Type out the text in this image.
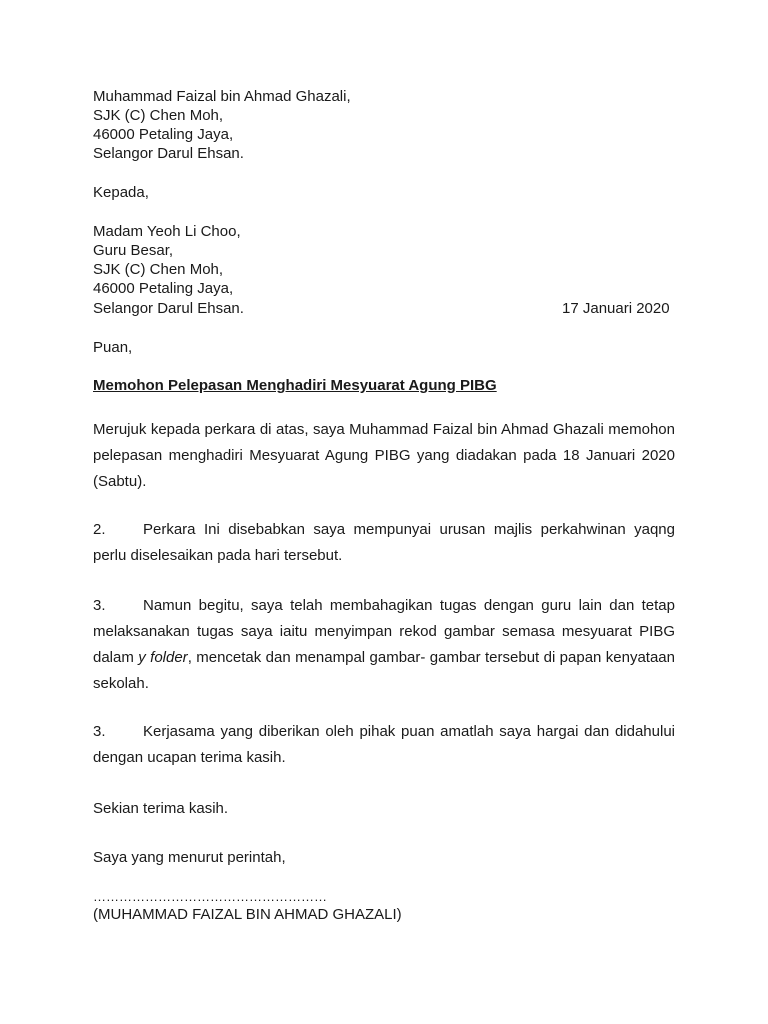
Muhammad Faizal bin Ahmad Ghazali,
SJK (C) Chen Moh,
46000 Petaling Jaya,
Selangor Darul Ehsan.
Kepada,
Madam Yeoh Li Choo,
Guru Besar,
SJK (C) Chen Moh,
46000 Petaling Jaya,
Selangor Darul Ehsan.	17 Januari 2020
Puan,
Memohon Pelepasan Menghadiri Mesyuarat Agung PIBG
Merujuk kepada perkara di atas, saya Muhammad Faizal bin Ahmad Ghazali memohon pelepasan menghadiri Mesyuarat Agung PIBG yang diadakan pada 18 Januari 2020 (Sabtu).
2. Perkara Ini disebabkan saya mempunyai urusan majlis perkahwinan yaqng perlu diselesaikan pada hari tersebut.
3. Namun begitu, saya telah membahagikan tugas dengan guru lain dan tetap melaksanakan tugas saya iaitu menyimpan rekod gambar semasa mesyuarat PIBG dalam y folder, mencetak dan menampal gambar- gambar tersebut di papan kenyataan sekolah.
3. Kerjasama yang diberikan oleh pihak puan amatlah saya hargai dan didahului dengan ucapan terima kasih.
Sekian terima kasih.
Saya yang menurut perintah,
………………………………………………
(MUHAMMAD FAIZAL BIN AHMAD GHAZALI)
